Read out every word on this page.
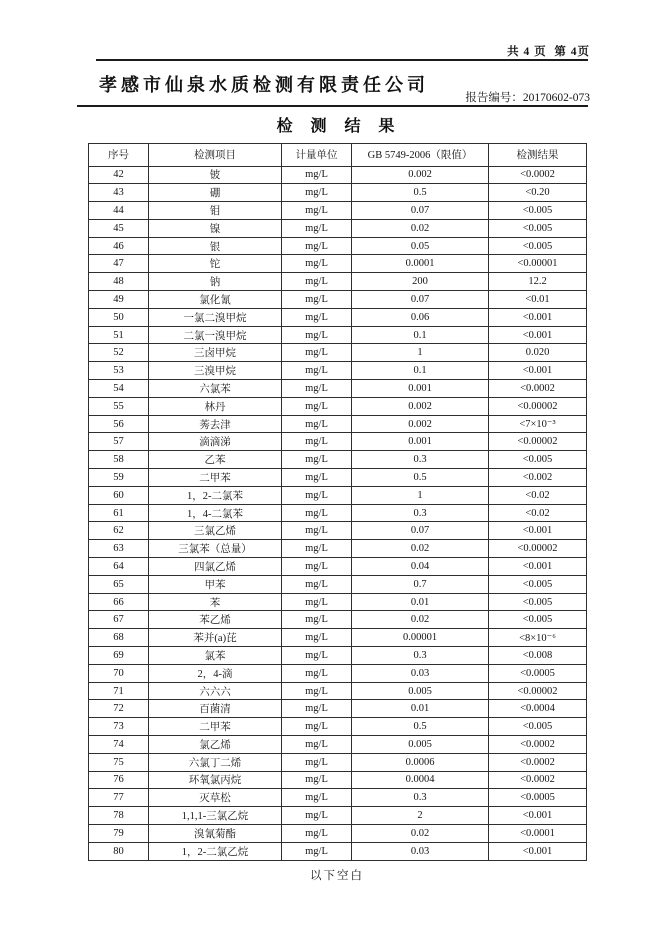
共 4 页  第 4页
孝感市仙泉水质检测有限责任公司
报告编号：20170602-073
检  测  结  果
序号	检测项目	计量单位	GB 5749-2006（限值）	检测结果
42	铍	mg/L	0.002	<0.0002
43	硼	mg/L	0.5	<0.20
44	钼	mg/L	0.07	<0.005
45	镍	mg/L	0.02	<0.005
46	银	mg/L	0.05	<0.005
47	铊	mg/L	0.0001	<0.00001
48	钠	mg/L	200	12.2
49	氯化氰	mg/L	0.07	<0.01
50	一氯二溴甲烷	mg/L	0.06	<0.001
51	二氯一溴甲烷	mg/L	0.1	<0.001
52	三卤甲烷	mg/L	1	0.020
53	三溴甲烷	mg/L	0.1	<0.001
54	六氯苯	mg/L	0.001	<0.0002
55	林丹	mg/L	0.002	<0.00002
56	莠去津	mg/L	0.002	<7×10⁻³
57	滴滴涕	mg/L	0.001	<0.00002
58	乙苯	mg/L	0.3	<0.005
59	二甲苯	mg/L	0.5	<0.002
60	1，2-二氯苯	mg/L	1	<0.02
61	1，4-二氯苯	mg/L	0.3	<0.02
62	三氯乙烯	mg/L	0.07	<0.001
63	三氯苯（总量）	mg/L	0.02	<0.00002
64	四氯乙烯	mg/L	0.04	<0.001
65	甲苯	mg/L	0.7	<0.005
66	苯	mg/L	0.01	<0.005
67	苯乙烯	mg/L	0.02	<0.005
68	苯并(a)芘	mg/L	0.00001	<8×10⁻⁶
69	氯苯	mg/L	0.3	<0.008
70	2，4-滴	mg/L	0.03	<0.0005
71	六六六	mg/L	0.005	<0.00002
72	百菌清	mg/L	0.01	<0.0004
73	二甲苯	mg/L	0.5	<0.005
74	氯乙烯	mg/L	0.005	<0.0002
75	六氯丁二烯	mg/L	0.0006	<0.0002
76	环氧氯丙烷	mg/L	0.0004	<0.0002
77	灭草松	mg/L	0.3	<0.0005
78	1,1,1-三氯乙烷	mg/L	2	<0.001
79	溴氰菊酯	mg/L	0.02	<0.0001
80	1，2-二氯乙烷	mg/L	0.03	<0.001
以下空白
